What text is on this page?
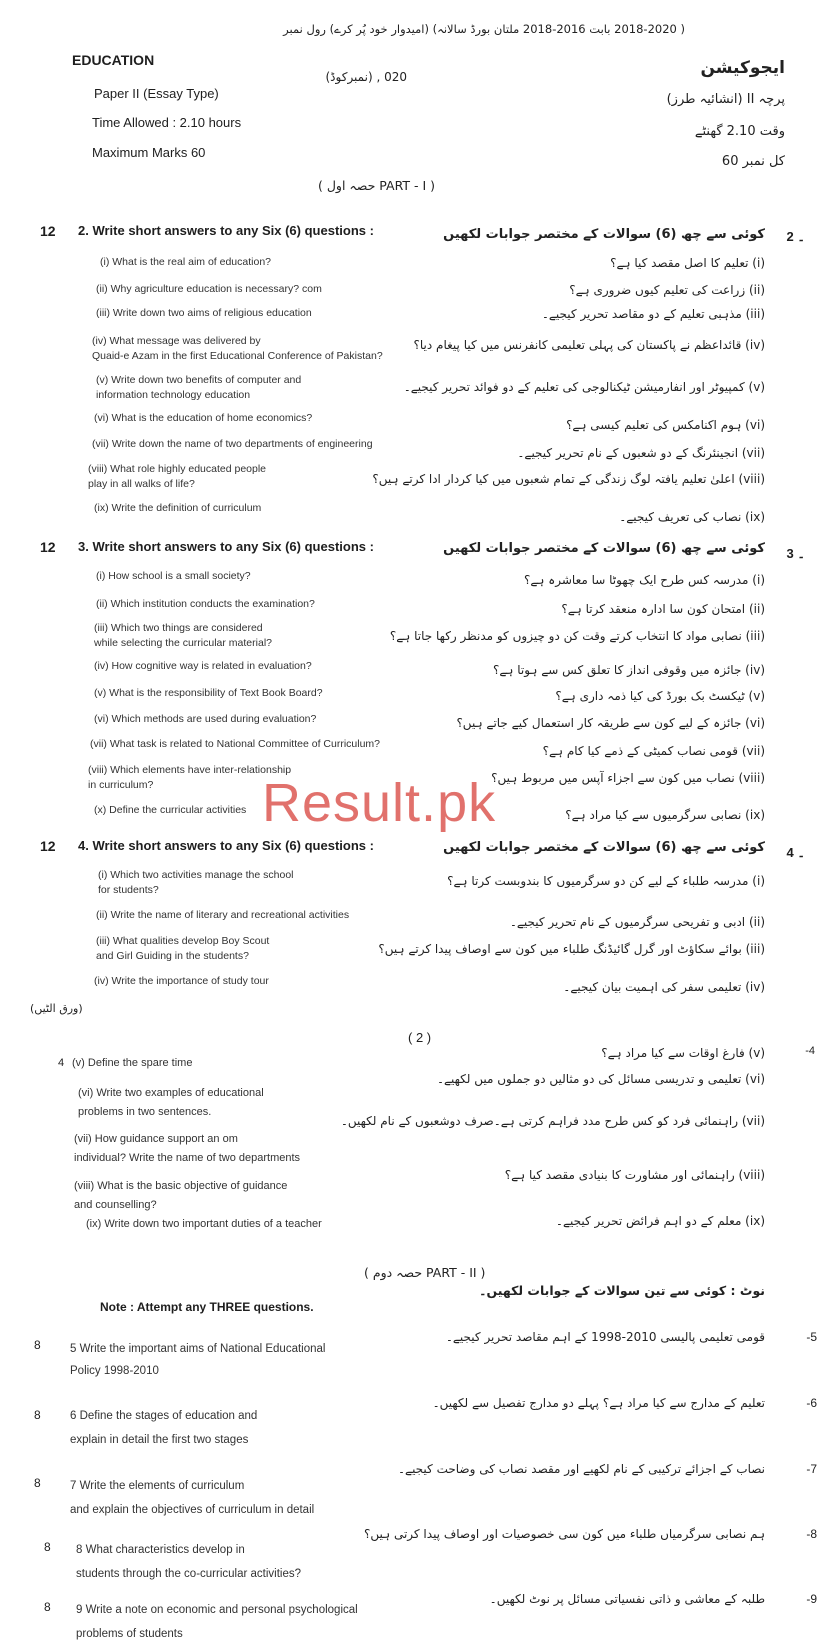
( 2018-2020 بابت 2016-2018 ملتان بورڈ سالانہ) (امیدوار خود پُر کرے) رول نمبر
EDUCATION
020 , (نمبرکوڈ)	ایجوکیشن
Paper II (Essay Type)	پرچہ II (انشائیہ طرز)
Time Allowed : 2.10 hours
وقت 2.10 گھنٹے
Maximum Marks 60
کل نمبر 60
( PART - I حصہ اول )
12 2. Write short answers to any Six (6) questions :	کوئی سے چھ (6) سوالات کے مختصر جوابات لکھیں ۔ 2
(i) What is the real aim of education?	(i) تعلیم کا اصل مقصد کیا ہے؟
(ii) Why agriculture education is necessary? com	(ii) زراعت کی تعلیم کیوں ضروری ہے؟
(iii) Write down two aims of religious education	(iii) مذہبی تعلیم کے دو مقاصد تحریر کیجیے۔
(iv) What message was delivered by
Quaid-e Azam in the first Educational Conference of Pakistan?
(iv) قائداعظم نے پاکستان کی پہلی تعلیمی کانفرنس میں کیا پیغام دیا؟
(v) Write down two benefits of computer and
information technology education
(v) کمپیوٹر اور انفارمیشن ٹیکنالوجی کی تعلیم کے دو فوائد تحریر کیجیے۔
(vi) What is the education of home economics?	(vi) ہوم اکنامکس کی تعلیم کیسی ہے؟
(vii) Write down the name of two departments of engineering
(vii) انجینئرنگ کے دو شعبوں کے نام تحریر کیجیے۔
(viii) What role highly educated people
play in all walks of life?	(viii) اعلیٰ تعلیم یافتہ لوگ زندگی کے تمام شعبوں میں کیا کردار ادا کرتے ہیں؟
(ix) Write the definition of curriculum
(ix) نصاب کی تعریف کیجیے۔
12 3. Write short answers to any Six (6) questions :	کوئی سے چھ (6) سوالات کے مختصر جوابات لکھیں ۔ 3
(i) How school is a small society?	(i) مدرسہ کس طرح ایک چھوٹا سا معاشرہ ہے؟
(ii) Which institution conducts the examination?	(ii) امتحان کون سا ادارہ منعقد کرتا ہے؟
(iii) Which two things are considered
while selecting the curricular material?	(iii) نصابی مواد کا انتخاب کرتے وقت کن دو چیزوں کو مدنظر رکھا جاتا ہے؟
(iv) How cognitive way is related in evaluation?	(iv) جائزہ میں وقوفی انداز کا تعلق کس سے ہوتا ہے؟
(v) What is the responsibility of Text Book Board?	(v) ٹیکسٹ بک بورڈ کی کیا ذمہ داری ہے؟
(vi) Which methods are used during evaluation?	(vi) جائزہ کے لیے کون سے طریقہ کار استعمال کیے جاتے ہیں؟
(vii) What task is related to National Committee of Curriculum?	(vii) قومی نصاب کمیٹی کے ذمے کیا کام ہے؟
(viii) Which elements have inter-relationship
in curriculum?	(viii) نصاب میں کون سے اجزاء آپس میں مربوط ہیں؟
(x) Define the curricular activities	(ix) نصابی سرگرمیوں سے کیا مراد ہے؟
Result.pk
12 4. Write short answers to any Six (6) questions :	کوئی سے چھ (6) سوالات کے مختصر جوابات لکھیں ۔ 4
(i) Which two activities manage the school
for students?
(i) مدرسہ طلباء کے لیے کن دو سرگرمیوں کا بندوبست کرتا ہے؟
(ii) Write the name of literary and recreational activities	(ii) ادبی و تفریحی سرگرمیوں کے نام تحریر کیجیے۔
(iii) What qualities develop Boy Scout
and Girl Guiding in the students?	(iii) بوائے سکاؤٹ اور گرل گائیڈنگ طلباء میں کون سے اوصاف پیدا کرتے ہیں؟
(iv) Write the importance of study tour	(iv) تعلیمی سفر کی اہمیت بیان کیجیے۔
(ورق الٹیں)
( 2 )
4
-4
(v) Define the spare time
(v) فارغ اوقات سے کیا مراد ہے؟
(vi) Write two examples of educational
problems in two sentences.
(vi) تعلیمی و تدریسی مسائل کی دو مثالیں دو جملوں میں لکھیے۔
(vii) How guidance support an om
individual? Write the name of two departments
(vii) راہنمائی فرد کو کس طرح مدد فراہم کرتی ہے۔صرف دوشعبوں کے نام لکھیں۔
(viii) What is the basic objective of guidance
and counselling?
(viii) راہنمائی اور مشاورت کا بنیادی مقصد کیا ہے؟
(ix) Write down two important duties of a teacher	(ix) معلم کے دو اہم فرائض تحریر کیجیے۔
( PART - II حصہ دوم )
نوٹ : کوئی سے تین سوالات کے جوابات لکھیں۔
Note : Attempt any THREE questions.
8	5 Write the important aims of National Educational
Policy 1998-2010
قومی تعلیمی پالیسی 2010-1998 کے اہم مقاصد تحریر کیجیے۔	-5
8	6 Define the stages of education and
explain in detail the first two stages
تعلیم کے مدارج سے کیا مراد ہے؟ پہلے دو مدارج تفصیل سے لکھیں۔	-6
8	7 Write the elements of curriculum
and explain the objectives of curriculum in detail
نصاب کے اجزائے ترکیبی کے نام لکھیے اور مقصد نصاب کی وضاحت کیجیے۔	-7
8 8 What characteristics develop in
students through the co-curricular activities?
ہم نصابی سرگرمیاں طلباء میں کون سی خصوصیات اور اوصاف پیدا کرتی ہیں؟	-8
8 9 Write a note on economic and personal psychological
problems of students
طلبہ کے معاشی و ذاتی نفسیاتی مسائل پر نوٹ لکھیں۔	-9
